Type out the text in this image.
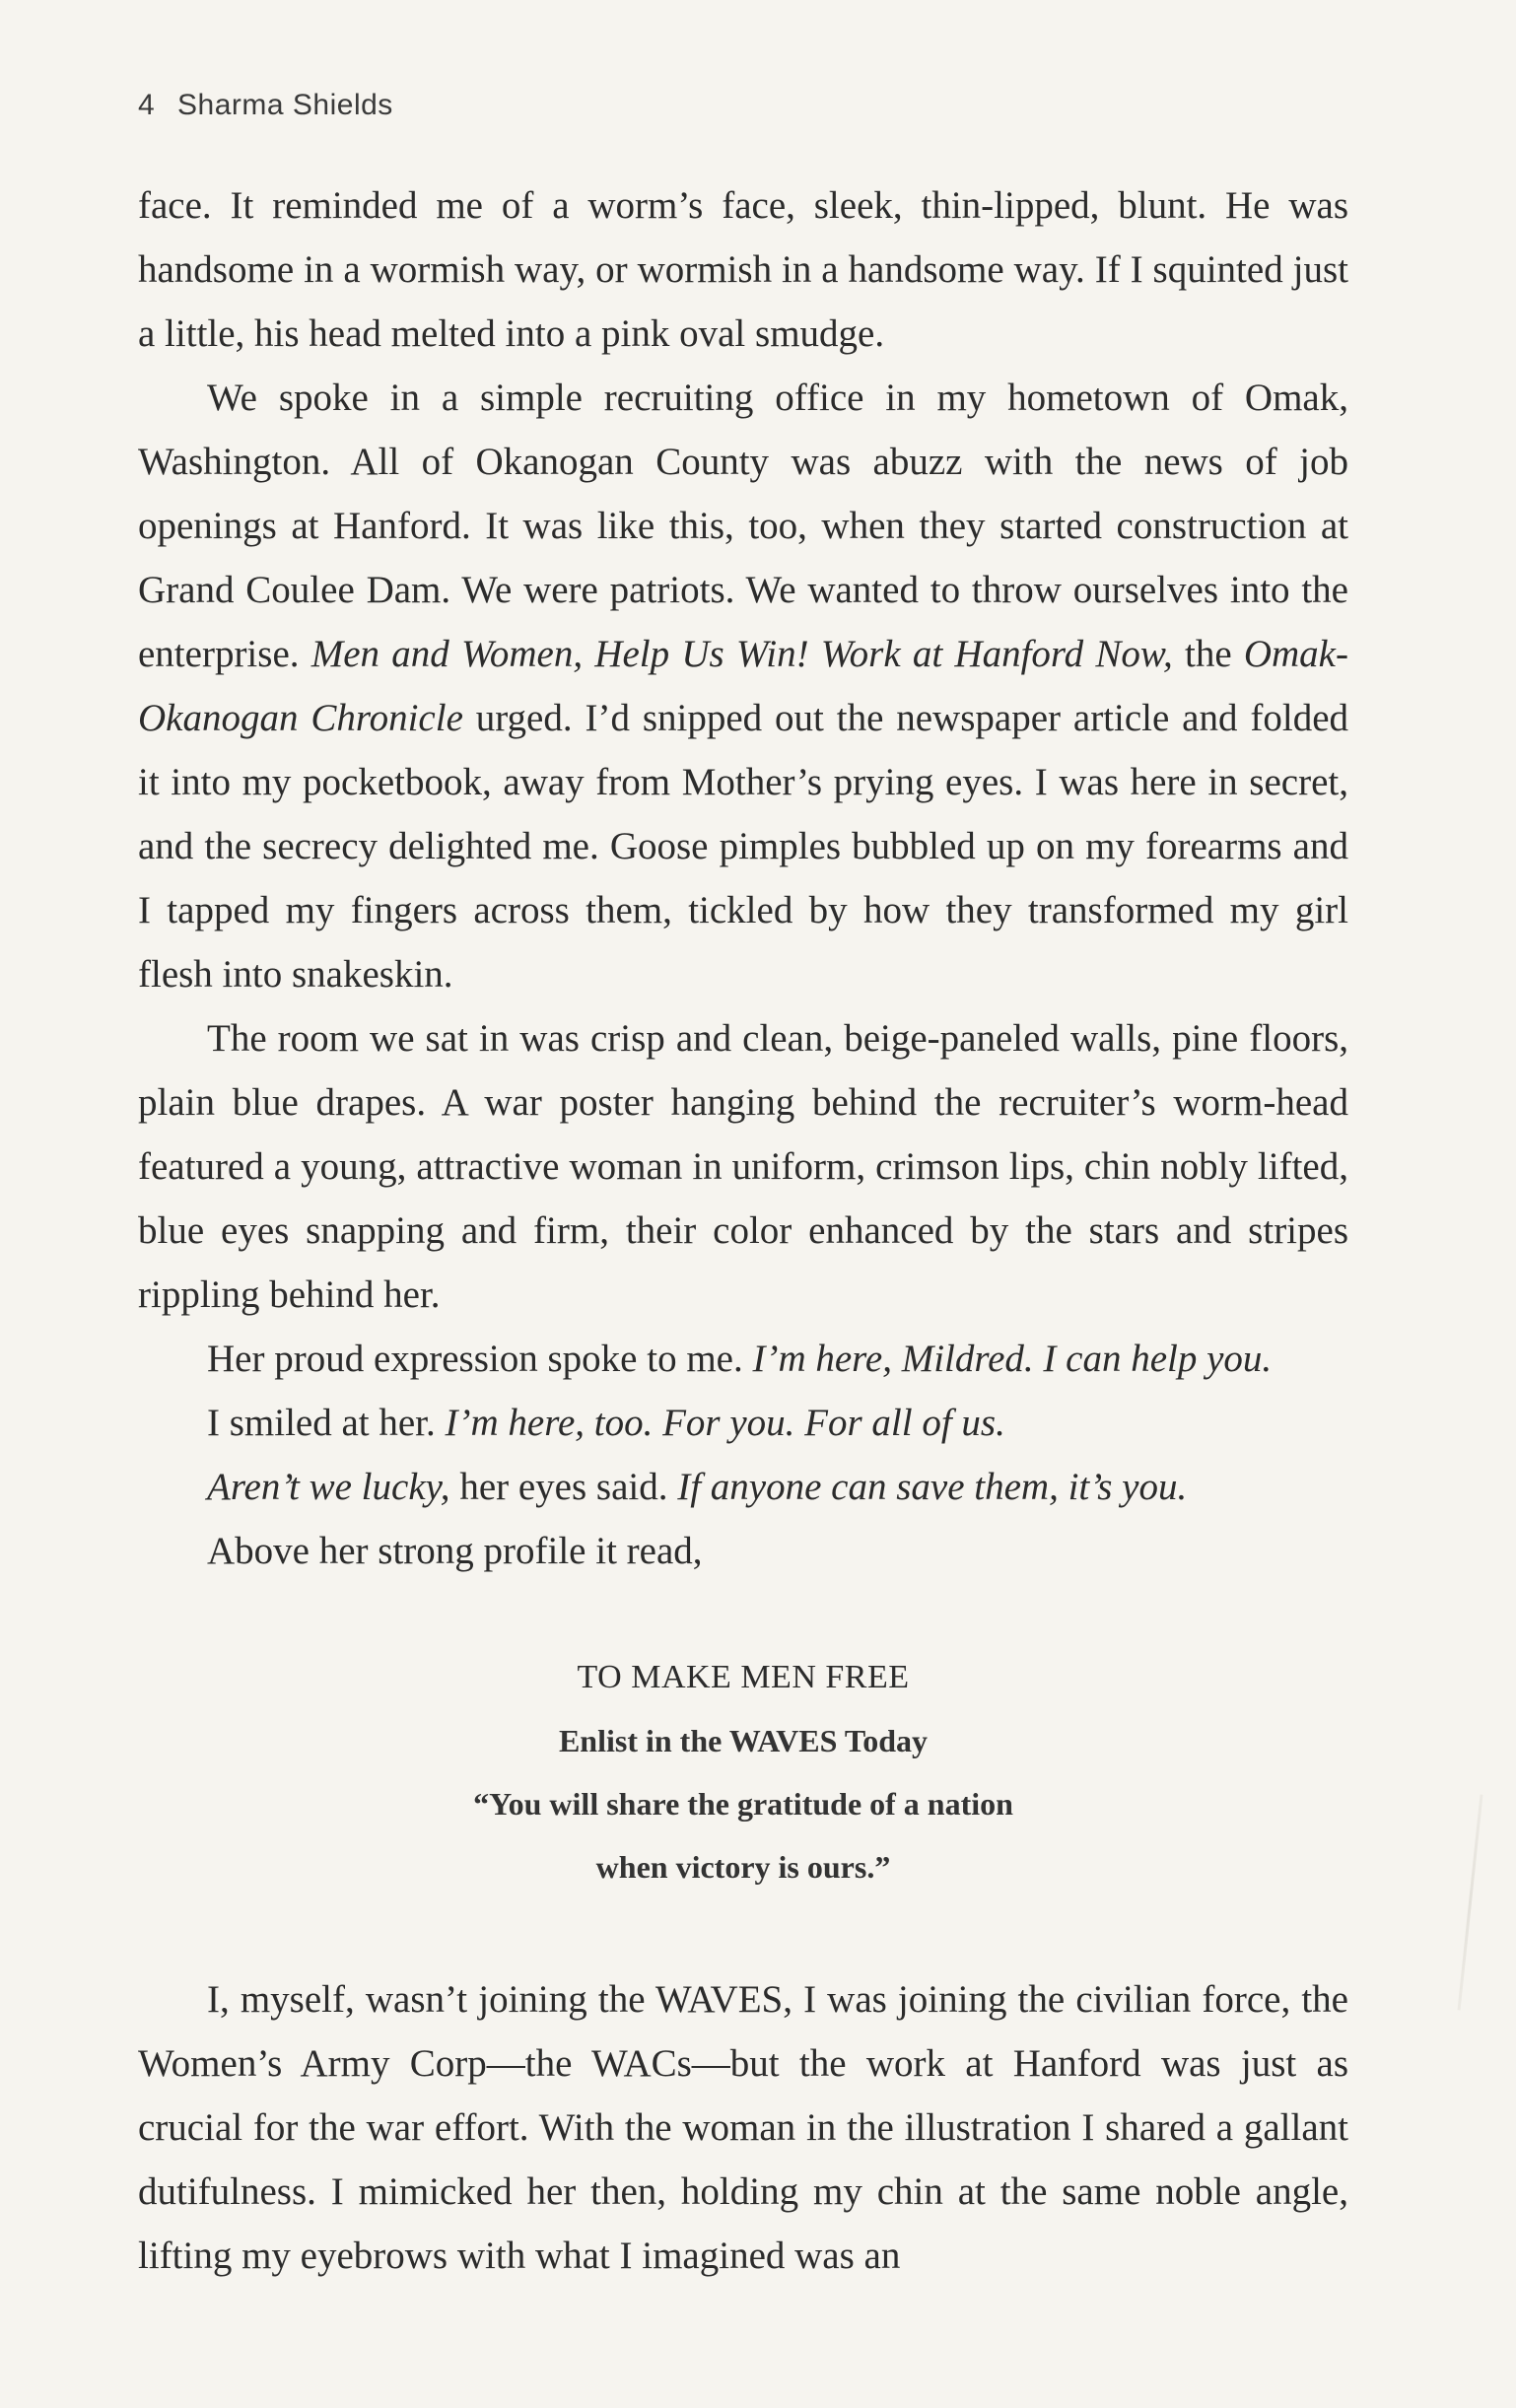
4 Sharma Shields

face. It reminded me of a worm’s face, sleek, thin-lipped, blunt. He was handsome in a wormish way, or wormish in a handsome way. If I squinted just a little, his head melted into a pink oval smudge.

We spoke in a simple recruiting office in my hometown of Omak, Washington. All of Okanogan County was abuzz with the news of job openings at Hanford. It was like this, too, when they started construction at Grand Coulee Dam. We were patriots. We wanted to throw ourselves into the enterprise. Men and Women, Help Us Win! Work at Hanford Now, the Omak-Okanogan Chronicle urged. I’d snipped out the newspaper article and folded it into my pocketbook, away from Mother’s prying eyes. I was here in secret, and the secrecy delighted me. Goose pimples bubbled up on my forearms and I tapped my fingers across them, tickled by how they transformed my girl flesh into snakeskin.

The room we sat in was crisp and clean, beige-paneled walls, pine floors, plain blue drapes. A war poster hanging behind the recruiter’s worm-head featured a young, attractive woman in uniform, crimson lips, chin nobly lifted, blue eyes snapping and firm, their color enhanced by the stars and stripes rippling behind her.

Her proud expression spoke to me. I’m here, Mildred. I can help you.

I smiled at her. I’m here, too. For you. For all of us.

Aren’t we lucky, her eyes said. If anyone can save them, it’s you.

Above her strong profile it read,

TO MAKE MEN FREE
Enlist in the WAVES Today
“You will share the gratitude of a nation
when victory is ours.”

I, myself, wasn’t joining the WAVES, I was joining the civilian force, the Women’s Army Corp—the WACs—but the work at Hanford was just as crucial for the war effort. With the woman in the illustration I shared a gallant dutifulness. I mimicked her then, holding my chin at the same noble angle, lifting my eyebrows with what I imagined was an
